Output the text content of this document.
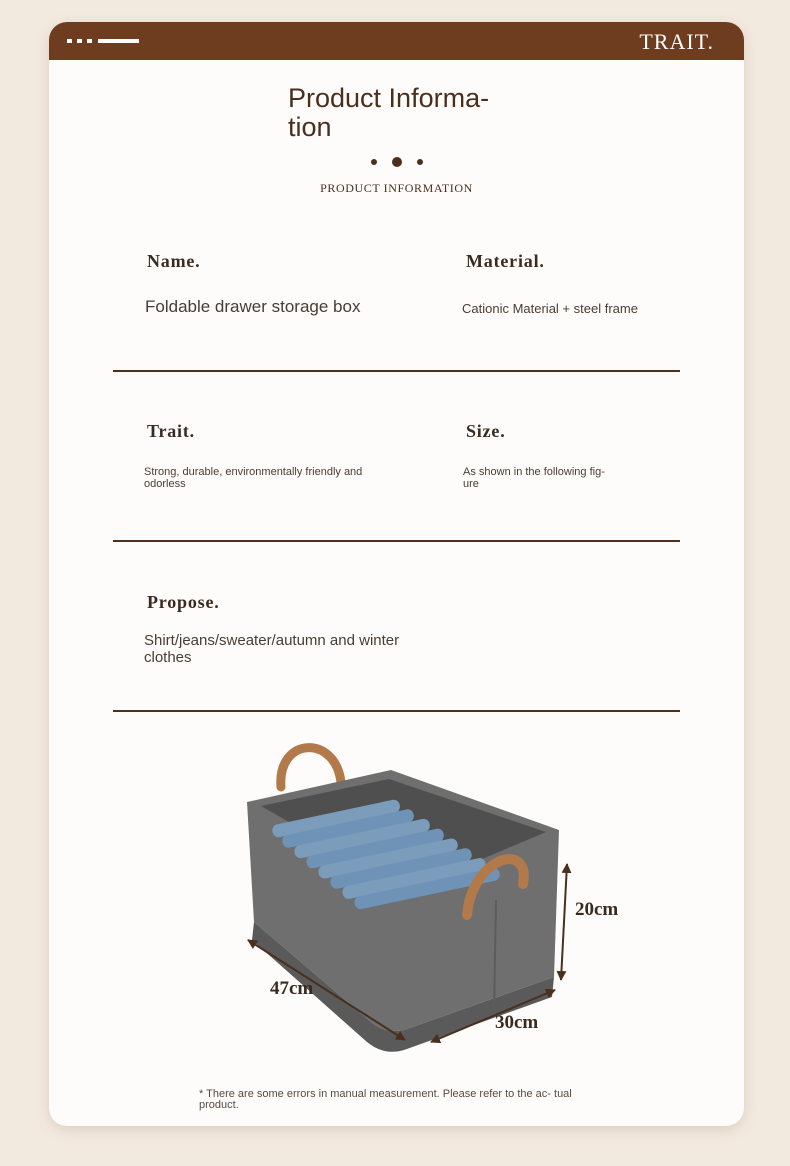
TRAIT.
Product Informa- tion
PRODUCT INFORMATION
Name.
Foldable drawer storage box
Material.
Cationic Material + steel frame
Trait.
Strong, durable, environmentally friendly and odorless
Size.
As shown in the following fig- ure
Propose.
Shirt/jeans/sweater/autumn and winter clothes
20cm
47cm
30cm
* There are some errors in manual measurement. Please refer to the ac- tual product.
